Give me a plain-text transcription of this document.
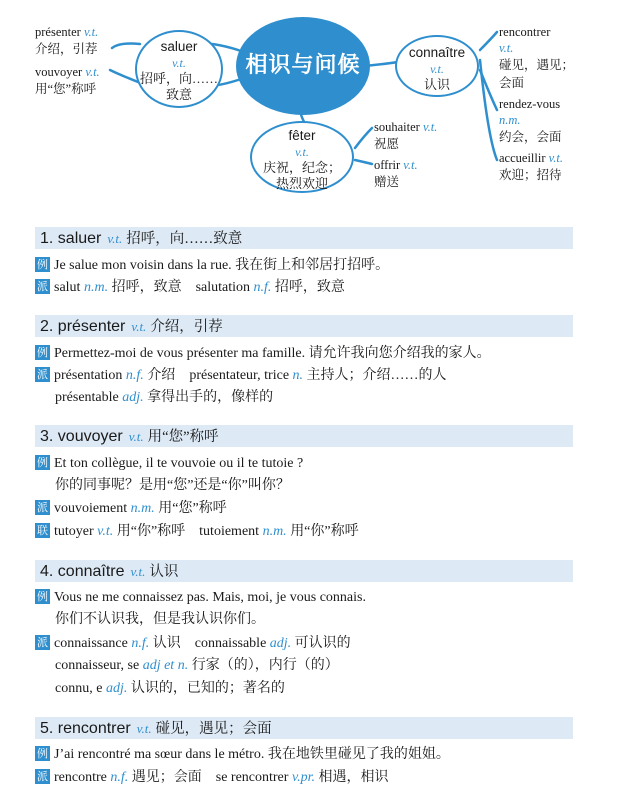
相识与问候
saluer
v.t.
招呼，向……
致意
fêter
v.t.
庆祝，纪念；
热烈欢迎
connaître
v.t.
认识
présenter v.t.
介绍，引荐
vouvoyer v.t.
用“您”称呼
souhaiter v.t.
祝愿
offrir v.t.
赠送
rencontrer
v.t.
碰见，遇见；
会面
rendez-vous
n.m.
约会，会面
accueillir v.t.
欢迎；招待
1. saluer v.t. 招呼，向……致意
例 Je salue mon voisin dans la rue. 我在街上和邻居打招呼。
派 salut n.m. 招呼，致意 salutation n.f. 招呼，致意
2. présenter v.t. 介绍，引荐
例 Permettez-moi de vous présenter ma famille. 请允许我向您介绍我的家人。
派 présentation n.f. 介绍 présentateur, trice n. 主持人；介绍……的人
présentable adj. 拿得出手的，像样的
3. vouvoyer v.t. 用“您”称呼
例 Et ton collègue, il te vouvoie ou il te tutoie ?
你的同事呢？是用“您”还是“你”叫你？
派 vouvoiement n.m. 用“您”称呼
联 tutoyer v.t. 用“你”称呼 tutoiement n.m. 用“你”称呼
4. connaître v.t. 认识
例 Vous ne me connaissez pas. Mais, moi, je vous connais.
你们不认识我，但是我认识你们。
派 connaissance n.f. 认识 connaissable adj. 可认识的
connaisseur, se adj et n. 行家（的），内行（的）
connu, e adj. 认识的，已知的；著名的
5. rencontrer v.t. 碰见，遇见；会面
例 J’ai rencontré ma sœur dans le métro. 我在地铁里碰见了我的姐姐。
派 rencontre n.f. 遇见；会面 se rencontrer v.pr. 相遇，相识
